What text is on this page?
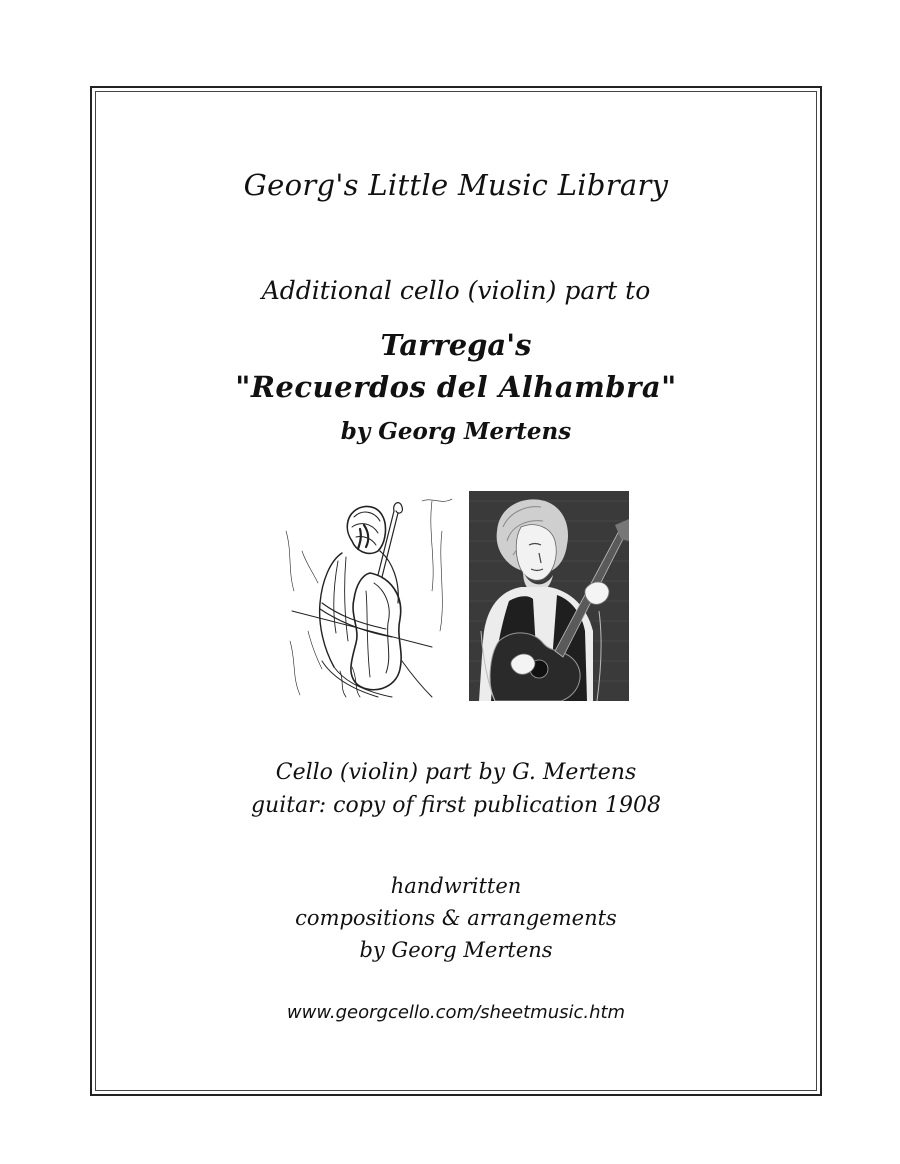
Georg's Little Music Library
Additional cello (violin) part to
Tarrega's
"Recuerdos del Alhambra"
by Georg Mertens
Cello (violin) part by G. Mertens
guitar: copy of first publication 1908
handwritten
compositions & arrangements
by Georg Mertens
www.georgcello.com/sheetmusic.htm
